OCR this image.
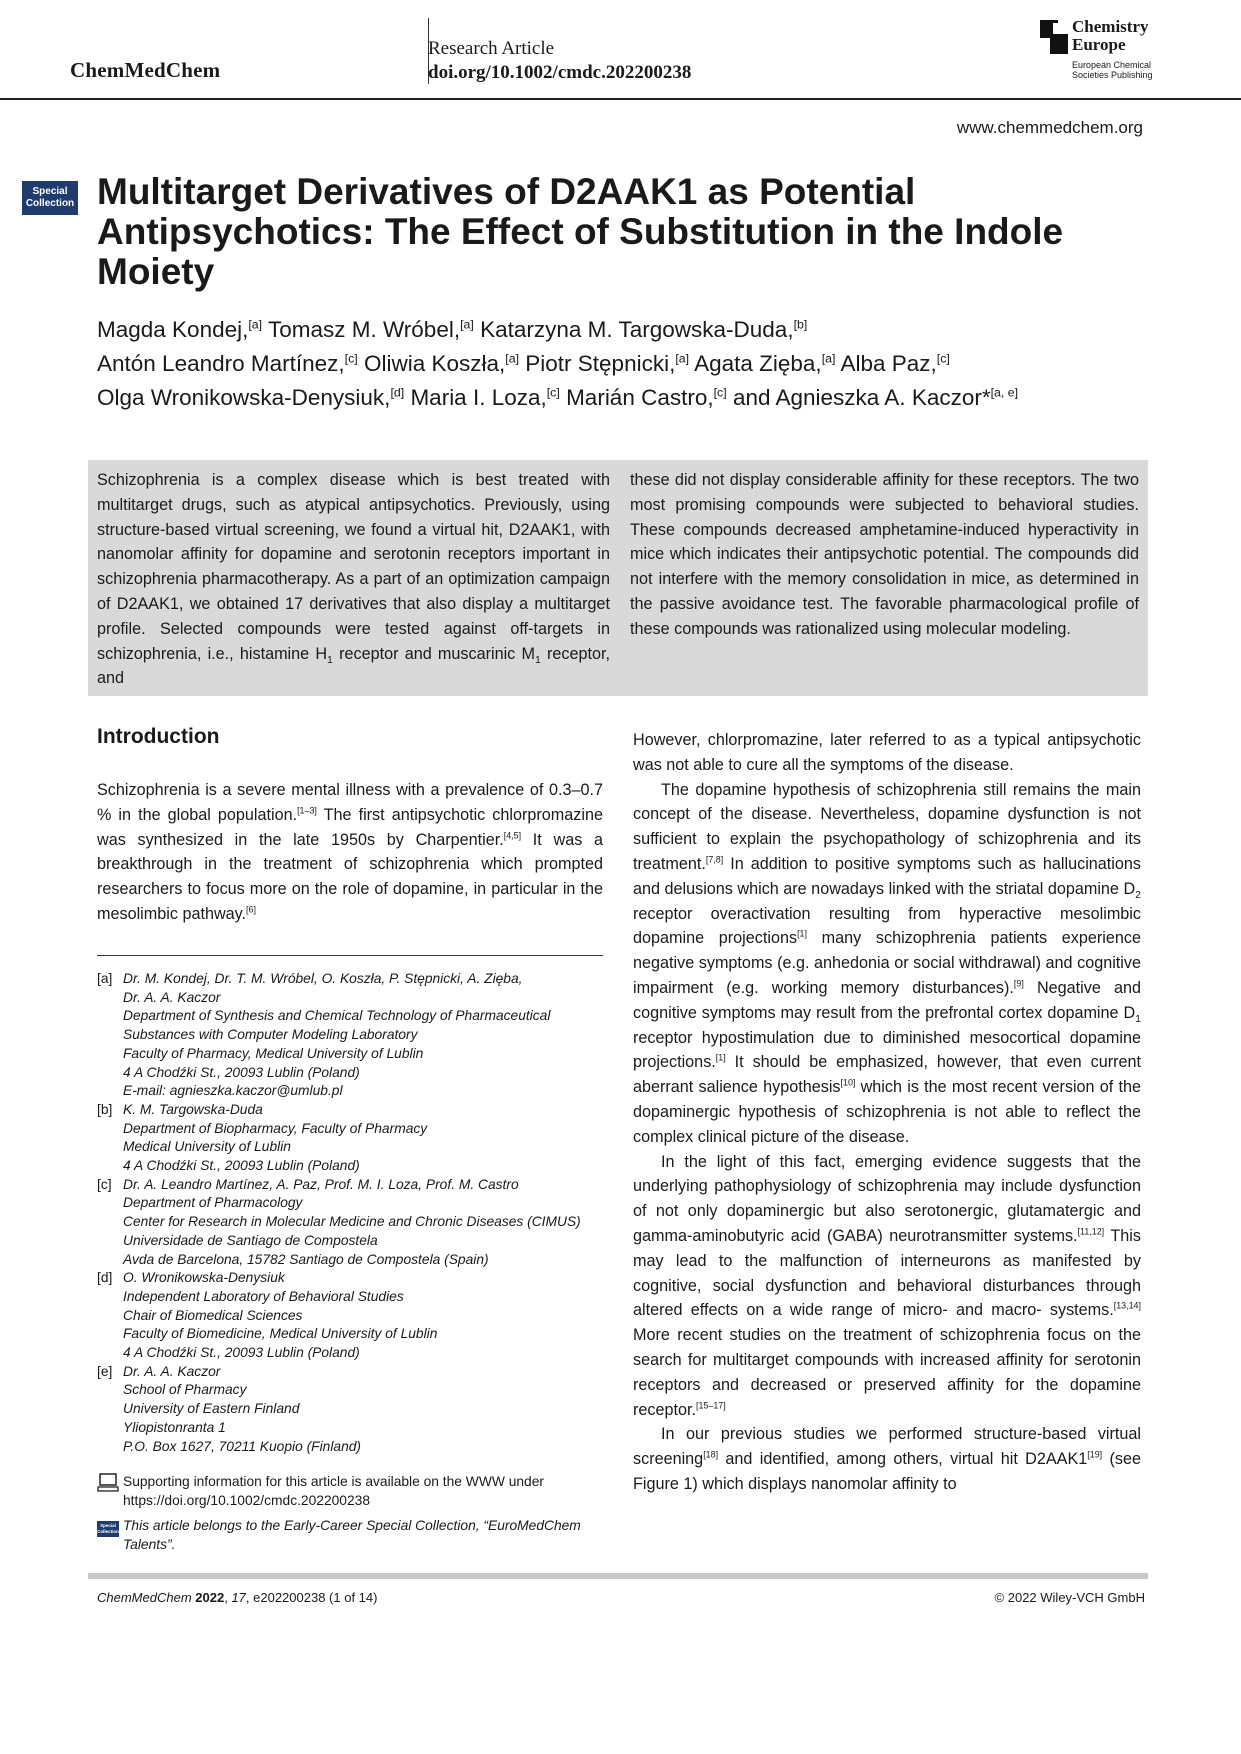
ChemMedChem
Research Article
doi.org/10.1002/cmdc.202200238
Chemistry
Europe
European Chemical
Societies Publishing
www.chemmedchem.org
Special
Collection Multitarget Derivatives of D2AAK1 as Potential Antipsychotics: The Effect of Substitution in the Indole Moiety
Magda Kondej,[a] Tomasz M. Wróbel,[a] Katarzyna M. Targowska-Duda,[b]
Antón Leandro Martínez,[c] Oliwia Koszła,[a] Piotr Stępnicki,[a] Agata Zięba,[a] Alba Paz,[c]
Olga Wronikowska-Denysiuk,[d] Maria I. Loza,[c] Marián Castro,[c] and Agnieszka A. Kaczor*[a, e]
Schizophrenia is a complex disease which is best treated with multitarget drugs, such as atypical antipsychotics. Previously, using structure-based virtual screening, we found a virtual hit, D2AAK1, with nanomolar affinity for dopamine and serotonin receptors important in schizophrenia pharmacotherapy. As a part of an optimization campaign of D2AAK1, we obtained 17 derivatives that also display a multitarget profile. Selected compounds were tested against off-targets in schizophrenia, i.e., histamine $H_1$ receptor and muscarinic $M_1$ receptor, and
these did not display considerable affinity for these receptors. The two most promising compounds were subjected to behavioral studies. These compounds decreased amphetamine-induced hyperactivity in mice which indicates their antipsychotic potential. The compounds did not interfere with the memory consolidation in mice, as determined in the passive avoidance test. The favorable pharmacological profile of these compounds was rationalized using molecular modeling.
Introduction
Schizophrenia is a severe mental illness with a prevalence of 0.3–0.7 % in the global population.[1–3] The first antipsychotic chlorpromazine was synthesized in the late 1950s by Charpentier.[4,5] It was a breakthrough in the treatment of schizophrenia which prompted researchers to focus more on the role of dopamine, in particular in the mesolimbic pathway.[6]

However, chlorpromazine, later referred to as a typical antipsychotic was not able to cure all the symptoms of the disease.

The dopamine hypothesis of schizophrenia still remains the main concept of the disease. Nevertheless, dopamine dysfunction is not sufficient to explain the psychopathology of schizophrenia and its treatment.[7,8] In addition to positive symptoms such as hallucinations and delusions which are nowadays linked with the striatal dopamine $D_2$ receptor overactivation resulting from hyperactive mesolimbic dopamine projections[1] many schizophrenia patients experience negative symptoms (e.g. anhedonia or social withdrawal) and cognitive impairment (e.g. working memory disturbances).[9] Negative and cognitive symptoms may result from the prefrontal cortex dopamine $D_1$ receptor hypostimulation due to diminished mesocortical dopamine projections.[1] It should be emphasized, however, that even current aberrant salience hypothesis[10] which is the most recent version of the dopaminergic hypothesis of schizophrenia is not able to reflect the complex clinical picture of the disease.

In the light of this fact, emerging evidence suggests that the underlying pathophysiology of schizophrenia may include dysfunction of not only dopaminergic but also serotonergic, glutamatergic and gamma-aminobutyric acid (GABA) neurotransmitter systems.[11,12] This may lead to the malfunction of interneurons as manifested by cognitive, social dysfunction and behavioral disturbances through altered effects on a wide range of micro- and macro- systems.[13,14] More recent studies on the treatment of schizophrenia focus on the search for multitarget compounds with increased affinity for serotonin receptors and decreased or preserved affinity for the dopamine receptor.[15–17]

In our previous studies we performed structure-based virtual screening[18] and identified, among others, virtual hit D2AAK1[19] (see Figure 1) which displays nanomolar affinity to

[a] Dr. M. Kondej, Dr. T. M. Wróbel, O. Koszła, P. Stępnicki, A. Zięba,
Dr. A. A. Kaczor
Department of Synthesis and Chemical Technology of Pharmaceutical Substances with Computer Modeling Laboratory
Faculty of Pharmacy, Medical University of Lublin
4 A Chodźki St., 20093 Lublin (Poland)
E-mail: agnieszka.kaczor@umlub.pl
[b] K. M. Targowska-Duda
Department of Biopharmacy, Faculty of Pharmacy
Medical University of Lublin
4 A Chodźki St., 20093 Lublin (Poland)
[c] Dr. A. Leandro Martínez, A. Paz, Prof. M. I. Loza, Prof. M. Castro
Department of Pharmacology
Center for Research in Molecular Medicine and Chronic Diseases (CIMUS)
Universidade de Santiago de Compostela
Avda de Barcelona, 15782 Santiago de Compostela (Spain)
[d] O. Wronikowska-Denysiuk
Independent Laboratory of Behavioral Studies
Chair of Biomedical Sciences
Faculty of Biomedicine, Medical University of Lublin
4 A Chodźki St., 20093 Lublin (Poland)
[e] Dr. A. A. Kaczor
School of Pharmacy
University of Eastern Finland
Yliopistonranta 1
P.O. Box 1627, 70211 Kuopio (Finland)
Supporting information for this article is available on the WWW under https://doi.org/10.1002/cmdc.202200238
Special
Collection This article belongs to the Early-Career Special Collection, “EuroMedChem Talents”.
ChemMedChem 2022, 17, e202200238 (1 of 14)	© 2022 Wiley-VCH GmbH
